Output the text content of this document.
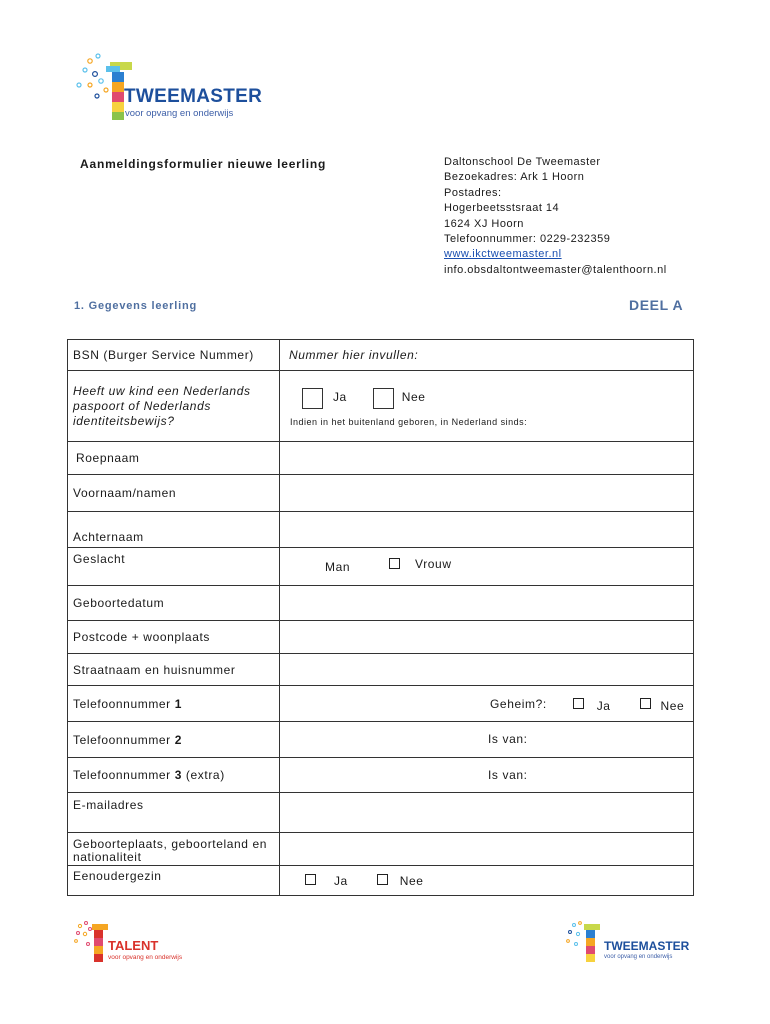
TWEEMASTER
voor opvang en onderwijs
Aanmeldingsformulier nieuwe leerling	Daltonschool De Tweemaster
Bezoekadres: Ark 1 Hoorn
Postadres:
Hogerbeetsstsraat 14
1624 XJ Hoorn
Telefoonnummer: 0229-232359
www.ikctweemaster.nl
info.obsdaltontweemaster@talenthoorn.nl
1. Gegevens leerling	DEEL A
BSN (Burger Service Nummer)	Nummer hier invullen:
Heeft uw kind een Nederlands paspoort of Nederlands identiteitsbewijs?	Ja Nee
Indien in het buitenland geboren, in Nederland sinds:

Roepnaam	
Voornaam/namen	
Achternaam	
Geslacht	Man Vrouw
Geboortedatum	
Postcode + woonplaats	
Straatnaam en huisnummer	
Telefoonnummer 1	Geheim?: Ja Nee
Telefoonnummer 2	Is van:
Telefoonnummer 3 (extra)	Is van:
E-mailadres	
Geboorteplaats, geboorteland en nationaliteit	
Eenoudergezin	Ja Nee
TALENT
voor opvang en onderwijs
TWEEMASTER
voor opvang en onderwijs
